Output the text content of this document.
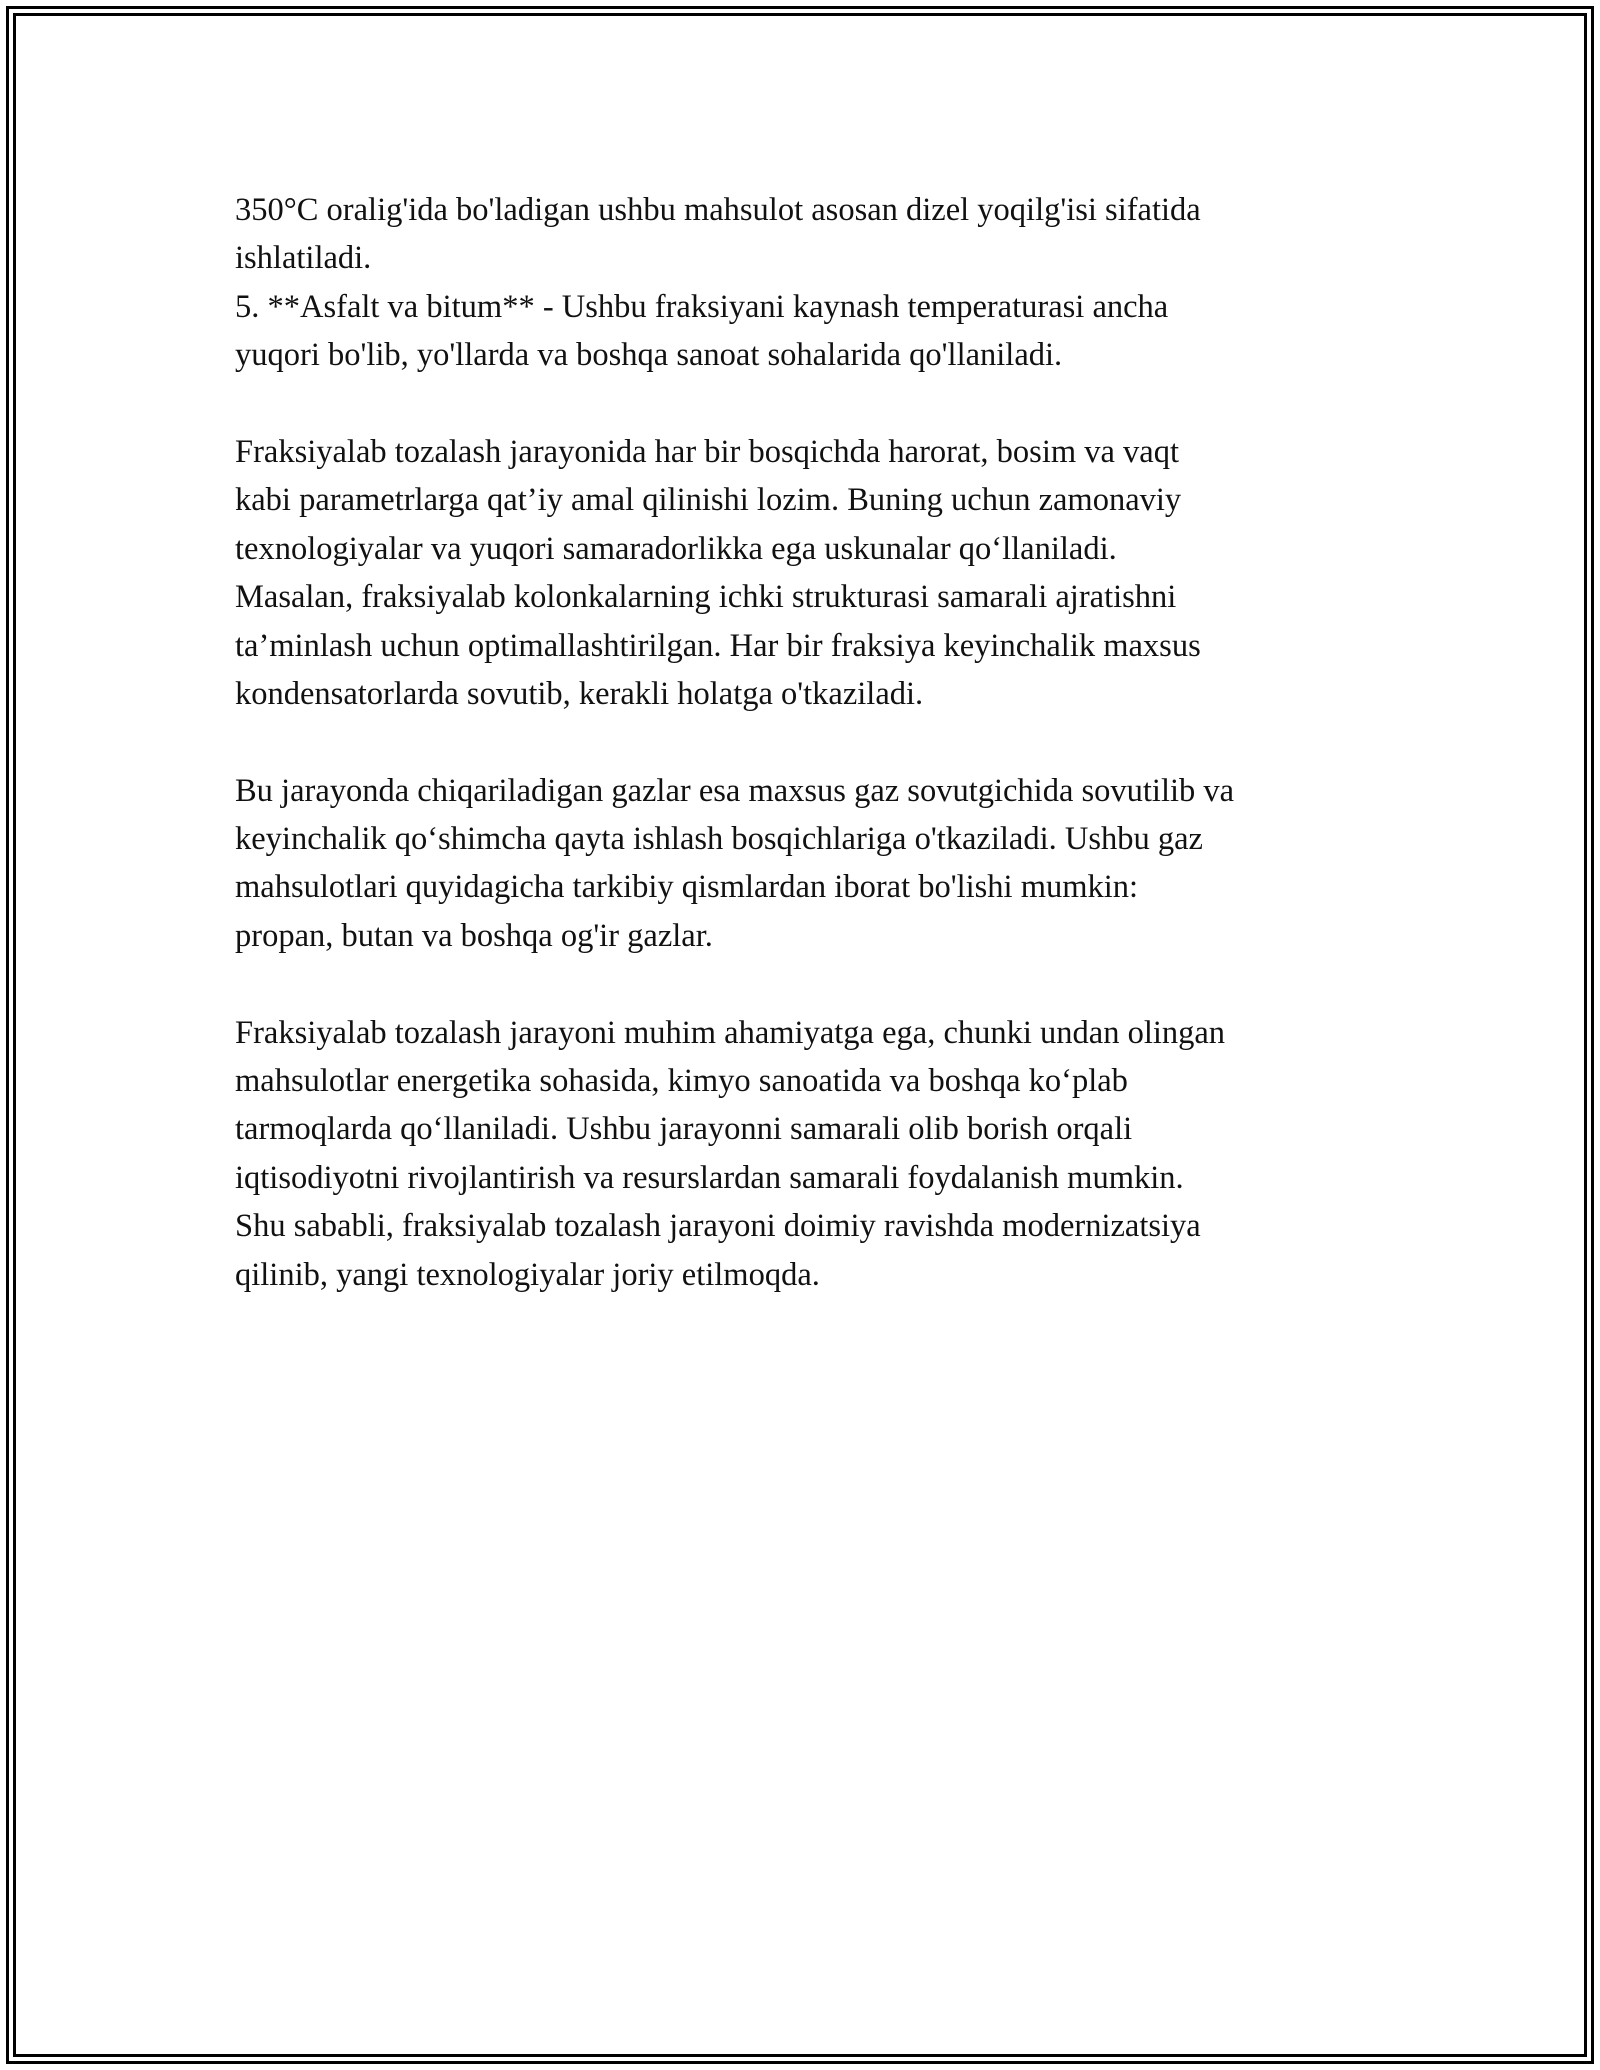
350°C oralig'ida bo'ladigan ushbu mahsulot asosan dizel yoqilg'isi sifatida
ishlatiladi.
5. **Asfalt va bitum** - Ushbu fraksiyani kaynash temperaturasi ancha
yuqori bo'lib, yo'llarda va boshqa sanoat sohalarida qo'llaniladi.

Fraksiyalab tozalash jarayonida har bir bosqichda harorat, bosim va vaqt
kabi parametrlarga qat’iy amal qilinishi lozim. Buning uchun zamonaviy
texnologiyalar va yuqori samaradorlikka ega uskunalar qo‘llaniladi.
Masalan, fraksiyalab kolonkalarning ichki strukturasi samarali ajratishni
ta’minlash uchun optimallashtirilgan. Har bir fraksiya keyinchalik maxsus
kondensatorlarda sovutib, kerakli holatga o'tkaziladi.

Bu jarayonda chiqariladigan gazlar esa maxsus gaz sovutgichida sovutilib va
keyinchalik qo‘shimcha qayta ishlash bosqichlariga o'tkaziladi. Ushbu gaz
mahsulotlari quyidagicha tarkibiy qismlardan iborat bo'lishi mumkin:
propan, butan va boshqa og'ir gazlar.

Fraksiyalab tozalash jarayoni muhim ahamiyatga ega, chunki undan olingan
mahsulotlar energetika sohasida, kimyo sanoatida va boshqa ko‘plab
tarmoqlarda qo‘llaniladi. Ushbu jarayonni samarali olib borish orqali
iqtisodiyotni rivojlantirish va resurslardan samarali foydalanish mumkin.
Shu sababli, fraksiyalab tozalash jarayoni doimiy ravishda modernizatsiya
qilinib, yangi texnologiyalar joriy etilmoqda.
